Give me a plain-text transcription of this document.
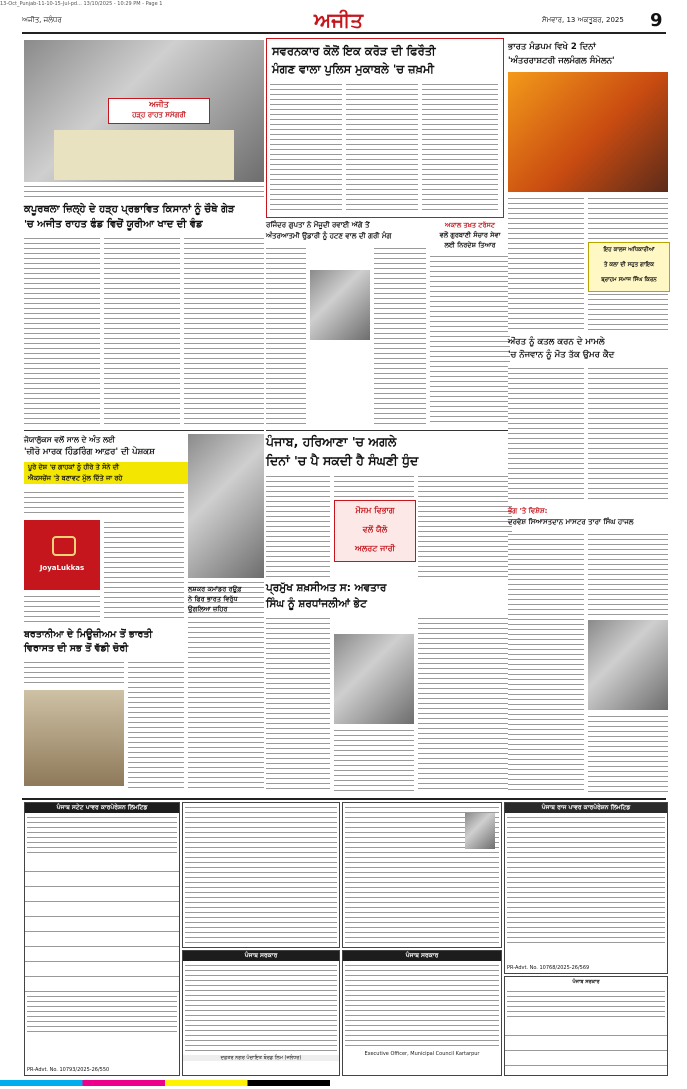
13-Oct_Punjab-11-10-15-Jul-pd... 13/10/2025 - 10:29 PM - Page 1
ਅਜੀਤ, ਜਲੰਧਰ	ਅਜੀਤ	ਸੋਮਵਾਰ, 13 ਅਕਤੂਬਰ, 2025 9
ਅਜੀਤ
ਹੜ੍ਹ ਰਾਹਤ ਸਮੱਗਰੀ
ਕਪੂਰਥਲਾ ਜ਼ਿਲ੍ਹੇ ਦੇ ਹੜ੍ਹ ਪ੍ਰਭਾਵਿਤ ਕਿਸਾਨਾਂ ਨੂੰ ਚੌਥੇ ਗੇੜ
'ਚ ਅਜੀਤ ਰਾਹਤ ਫੰਡ ਵਿਚੋਂ ਯੂਰੀਆ ਖਾਦ ਦੀ ਵੰਡ
ਜੋਯਾਲੁੱਕਸ ਵਲੋਂ ਸਾਲ ਦੇ ਅੰਤ ਲਈ
'ਜ਼ੀਰੋ ਮਾਰਕ ਹਿੰਡਰਿੰਗ ਆਫ਼ਰ' ਦੀ ਪੇਸ਼ਕਸ਼
ਪੂਰੇ ਦੇਸ਼ 'ਚ ਗਾਹਕਾਂ ਨੂੰ ਹੀਰੇ ਤੇ ਸੋਨੇ ਦੀ
ਐਕਸਚੇਂਜ 'ਤੇ ਬਣਾਵਟ ਮੁੱਲ ਦਿੱਤੇ ਜਾ ਰਹੇ
JoyaLukkas
ਬਰਤਾਨੀਆ ਦੇ ਮਿਊਜ਼ੀਅਮ ਤੋਂ ਭਾਰਤੀ
ਵਿਰਾਸਤ ਦੀ ਸਭ ਤੋਂ ਵੱਡੀ ਚੋਰੀ
ਸਵਰਨਕਾਰ ਕੋਲੋਂ ਇਕ ਕਰੋੜ ਦੀ ਫਿਰੌਤੀ
ਮੰਗਣ ਵਾਲਾ ਪੁਲਿਸ ਮੁਕਾਬਲੇ 'ਚ ਜ਼ਖ਼ਮੀ
ਰਜਿੰਦਰ ਗੁਪਤਾ ਨੇ ਮੌਜੂਦੀ ਰਵਾਈ ਅੱਗੇ ਤੋਂ
ਅੰਤਰਆਤਮੀ ਉਡਾਰੀ ਨੂੰ ਹਟਣ ਵਾਲ ਦੀ ਗਰੀ ਮੰਗ
ਅਕਾਲ ਤਖ਼ਤ ਟਰੱਸਟ
ਵਲੋਂ ਗੁਰਬਾਣੀ ਸੰਚਾਰ ਸੇਵਾ
ਲਈ ਨਿਰਦੇਸ਼ ਤਿਆਰ
ਪੰਜਾਬ, ਹਰਿਆਣਾ 'ਚ ਅਗਲੇ
ਦਿਨਾਂ 'ਚ ਪੈ ਸਕਦੀ ਹੈ ਸੰਘਣੀ ਧੁੰਦ
ਮੌਸਮ ਵਿਭਾਗ
ਵਲੋਂ ਯੈਲੋ
ਅਲਰਟ ਜਾਰੀ
ਪ੍ਰਮੁੱਖ ਸ਼ਖ਼ਸੀਅਤ ਸ: ਅਵਤਾਰ
ਸਿੰਘ ਨੂੰ ਸ਼ਰਧਾਂਜਲੀਆਂ ਭੇਟ
ਲਸ਼ਕਰ ਕਮਾਂਡਰ ਰਊਫ਼
ਨੇ ਫਿਰ ਭਾਰਤ ਵਿਰੁੱਧ
ਉਗਲਿਆ ਜ਼ਹਿਰ
ਭਾਰਤ ਮੰਡਪਮ ਵਿਖੇ 2 ਦਿਨਾਂ
'ਅੰਤਰਰਾਸ਼ਟਰੀ ਜਲਮੰਗਲ ਸੰਮੇਲਨ'
ਇਹ ਕਾਲਜ ਅਧਿਕਾਰੀਆਂ
ਤੇ ਕਲਾ ਦੀ ਸਹੁਤ ਗਾਇਕ
ਬ੍ਰਾਹਮ ਸਮਾਜ ਸਿੰਘ ਕਿਰਨ
ਔਰਤ ਨੂੰ ਕਤਲ ਕਰਨ ਦੇ ਮਾਮਲੇ
'ਚ ਨੌਜਵਾਨ ਨੂੰ ਮੌਤ ਤੱਕ ਉਮਰ ਕੈਦ
ਭੋਗ 'ਤੇ ਵਿਸ਼ੇਸ਼:
ਦਰਵੇਸ਼ ਸਿਆਸਤਦਾਨ ਮਾਸਟਰ ਤਾਰਾ ਸਿੰਘ ਹਾਜਲ
ਪੰਜਾਬ ਸਟੇਟ ਪਾਵਰ ਕਾਰਪੋਰੇਸ਼ਨ ਲਿਮਟਿਡ
PR-Advt. No. 10793/2025-26/550
ਪੰਜਾਬ ਸਰਕਾਰ
ਦਫ਼ਤਰ ਨਗਰ ਪੰਚਾਇਤ ਬੋਰਡ ਲਿਮ (ਜਲੰਧਰ)
ਪੰਜਾਬ ਸਰਕਾਰ
Executive Officer, Municipal Council Kartarpur
ਪੰਜਾਬ ਰਾਜ ਪਾਵਰ ਕਾਰਪੋਰੇਸ਼ਨ ਲਿਮਟਿਡ
PR-Advt. No. 10768/2025-26/569
ਪੰਜਾਬ ਸਰਕਾਰ
